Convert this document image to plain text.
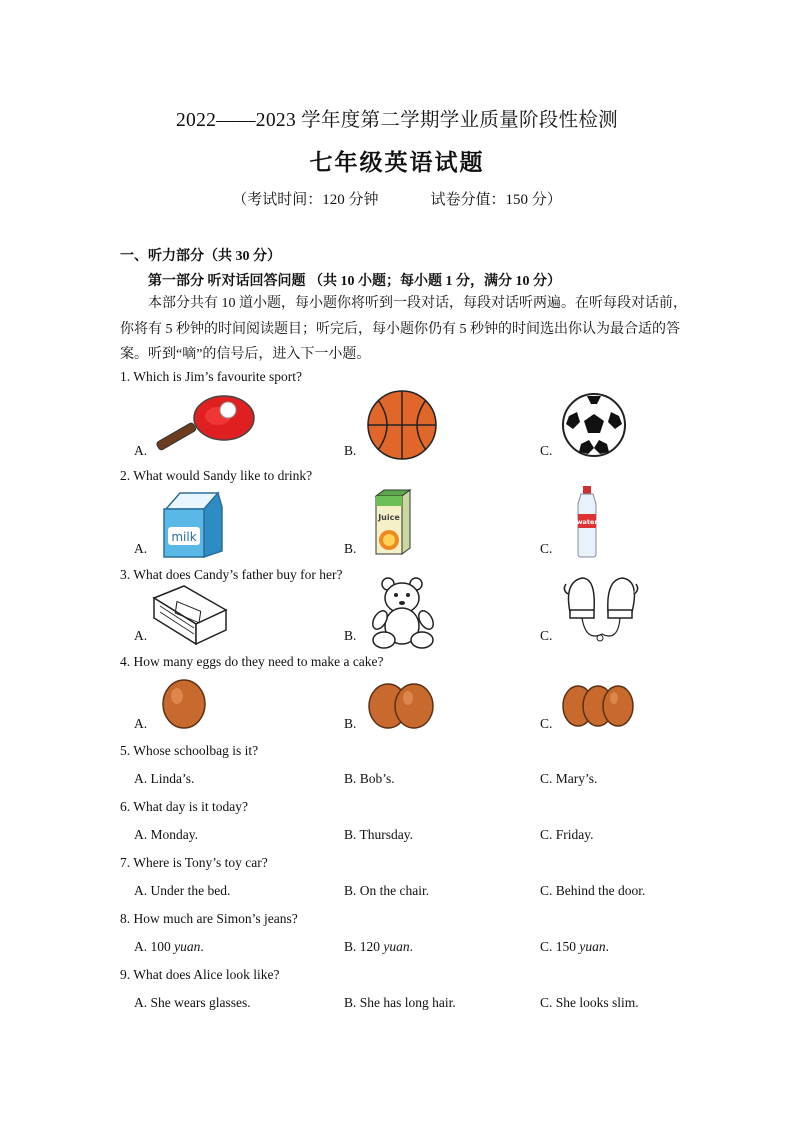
2022——2023 学年度第二学期学业质量阶段性检测
七年级英语试题
（考试时间：120 分钟	试卷分值：150 分）
一、听力部分（共 30 分）
第一部分 听对话回答问题 （共 10 小题；每小题 1 分，满分 10 分）
本部分共有 10 道小题，每小题你将听到一段对话，每段对话听两遍。在听每段对话前，
你将有 5 秒钟的时间阅读题目；听完后，每小题你仍有 5 秒钟的时间选出你认为最合适的答
案。听到“嘀”的信号后，进入下一小题。
1. Which is Jim’s favourite sport?
A.	B.	C.
2. What would Sandy like to drink?
A.	B.	C.
milk
Juice	water
3. What does Candy’s father buy for her?
A.	B.	C.
4. How many eggs do they need to make a cake?
A.	B.	C.
5. Whose schoolbag is it?
A. Linda’s.	B. Bob’s.	C. Mary’s.
6. What day is it today?
A. Monday.	B. Thursday.	C. Friday.
7. Where is Tony’s toy car?
A. Under the bed.	B. On the chair.	C. Behind the door.
8. How much are Simon’s jeans?
A. 100 yuan.	B. 120 yuan.	C. 150 yuan.
9. What does Alice look like?
A. She wears glasses.	B. She has long hair.	C. She looks slim.
